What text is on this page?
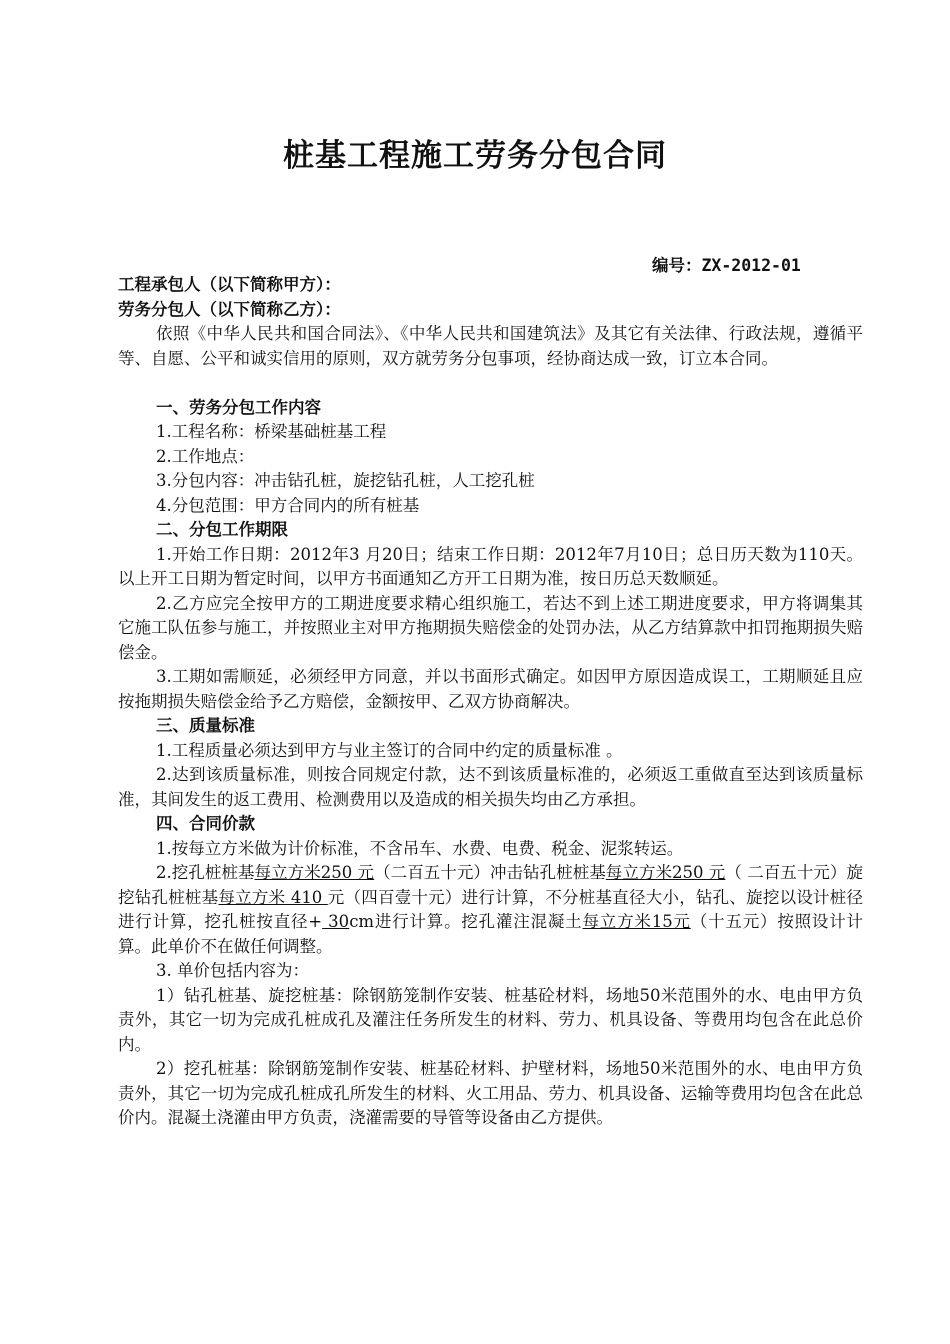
桩基工程施工劳务分包合同
编号：ZX-2012-01

工程承包人（以下简称甲方）：

劳务分包人（以下简称乙方）：

依照《中华人民共和国合同法》、《中华人民共和国建筑法》及其它有关法律、行政法规，遵循平等、自愿、公平和诚实信用的原则，双方就劳务分包事项，经协商达成一致，订立本合同。

一、劳务分包工作内容

1.工程名称：桥梁基础桩基工程

2.工作地点：

3.分包内容：冲击钻孔桩，旋挖钻孔桩，人工挖孔桩

4.分包范围：甲方合同内的所有桩基

二、分包工作期限

1.开始工作日期：2012年3 月20日；结束工作日期：2012年7月10日；总日历天数为110天。以上开工日期为暂定时间，以甲方书面通知乙方开工日期为准，按日历总天数顺延。

2.乙方应完全按甲方的工期进度要求精心组织施工，若达不到上述工期进度要求，甲方将调集其它施工队伍参与施工，并按照业主对甲方拖期损失赔偿金的处罚办法，从乙方结算款中扣罚拖期损失赔偿金。

3.工期如需顺延，必须经甲方同意，并以书面形式确定。如因甲方原因造成误工，工期顺延且应按拖期损失赔偿金给予乙方赔偿，金额按甲、乙双方协商解决。

三、质量标准

1.工程质量必须达到甲方与业主签订的合同中约定的质量标准 。

2.达到该质量标准，则按合同规定付款，达不到该质量标准的，必须返工重做直至达到该质量标准，其间发生的返工费用、检测费用以及造成的相关损失均由乙方承担。

四、合同价款

1.按每立方米做为计价标准，不含吊车、水费、电费、税金、泥浆转运。

2.挖孔桩桩基每立方米250 元（二百五十元）冲击钻孔桩桩基每立方米250 元（ 二百五十元）旋挖钻孔桩桩基每立方米 410 元（四百壹十元）进行计算，不分桩基直径大小，钻孔、旋挖以设计桩径进行计算，挖孔桩按直径+ 30cm进行计算。挖孔灌注混凝土每立方米15元（十五元）按照设计计算。此单价不在做任何调整。

3. 单价包括内容为：

1）钻孔桩基、旋挖桩基：除钢筋笼制作安装、桩基砼材料，场地50米范围外的水、电由甲方负责外，其它一切为完成孔桩成孔及灌注任务所发生的材料、劳力、机具设备、等费用均包含在此总价内。

2）挖孔桩基：除钢筋笼制作安装、桩基砼材料、护壁材料，场地50米范围外的水、电由甲方负责外，其它一切为完成孔桩成孔所发生的材料、火工用品、劳力、机具设备、运输等费用均包含在此总价内。混凝土浇灌由甲方负责，浇灌需要的导管等设备由乙方提供。
